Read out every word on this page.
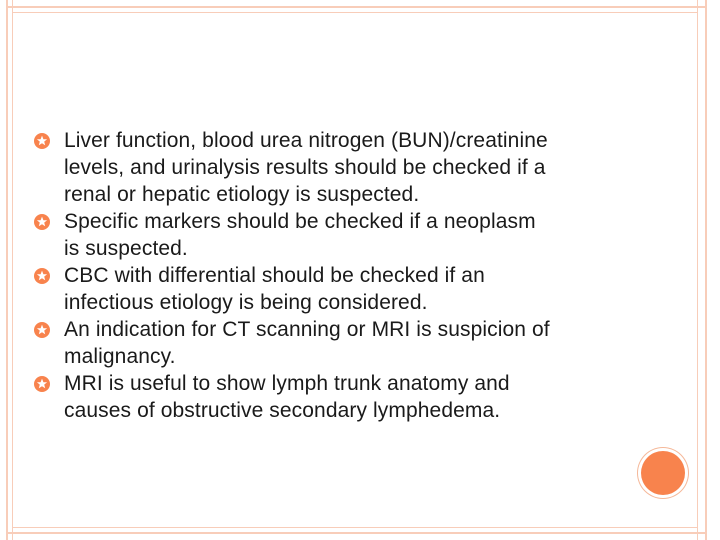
Liver function, blood urea nitrogen (BUN)/creatinine
levels, and urinalysis results should be checked if a
renal or hepatic etiology is suspected.
Specific markers should be checked if a neoplasm
is suspected.
CBC with differential should be checked if an
infectious etiology is being considered.
An indication for CT scanning or MRI is suspicion of
malignancy.
MRI is useful to show lymph trunk anatomy and
causes of obstructive secondary lymphedema.
